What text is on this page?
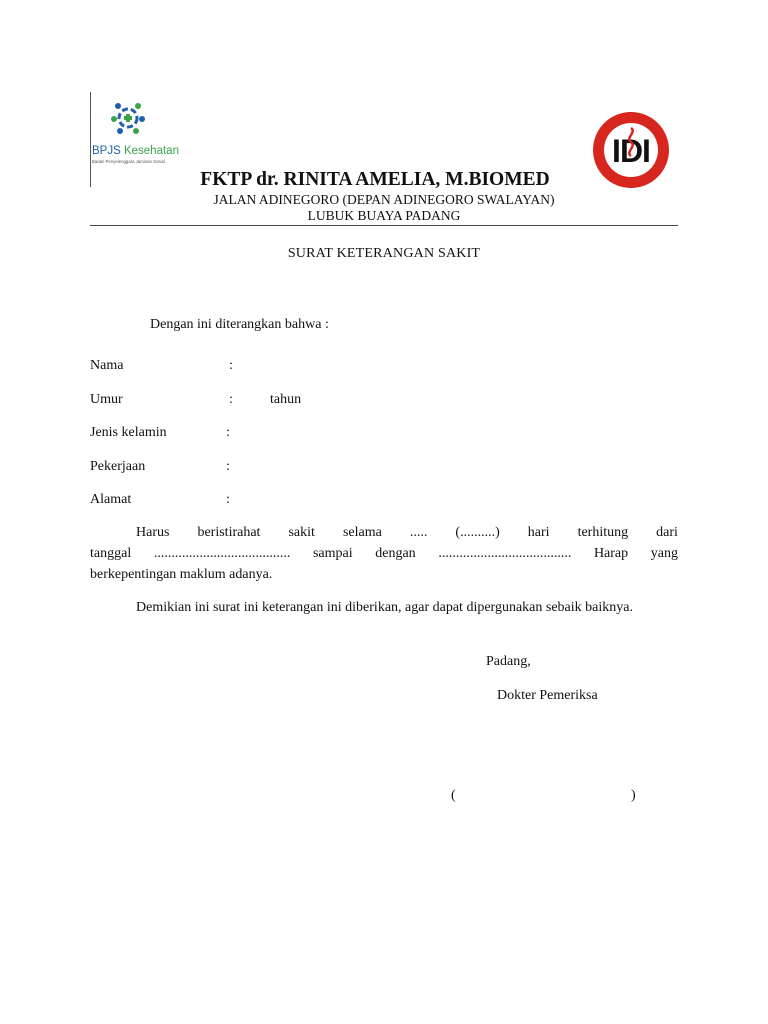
BPJS Kesehatan
Badan Penyelenggara Jaminan Sosial	IDI
FKTP dr. RINITA AMELIA, M.BIOMED
JALAN ADINEGORO (DEPAN ADINEGORO SWALAYAN)
LUBUK BUAYA PADANG
SURAT KETERANGAN SAKIT
Dengan ini diterangkan bahwa :
Nama	:
Umur	:	tahun
Jenis kelamin	:
Pekerjaan	:
Alamat	:
Harus beristirahat sakit selama ..... (..........) hari terhitung dari
tanggal ....................................... sampai dengan ...................................... Harap yang
berkepentingan maklum adanya.
Demikian ini surat ini keterangan ini diberikan, agar dapat dipergunakan sebaik baiknya.
Padang,
Dokter Pemeriksa
(	)
